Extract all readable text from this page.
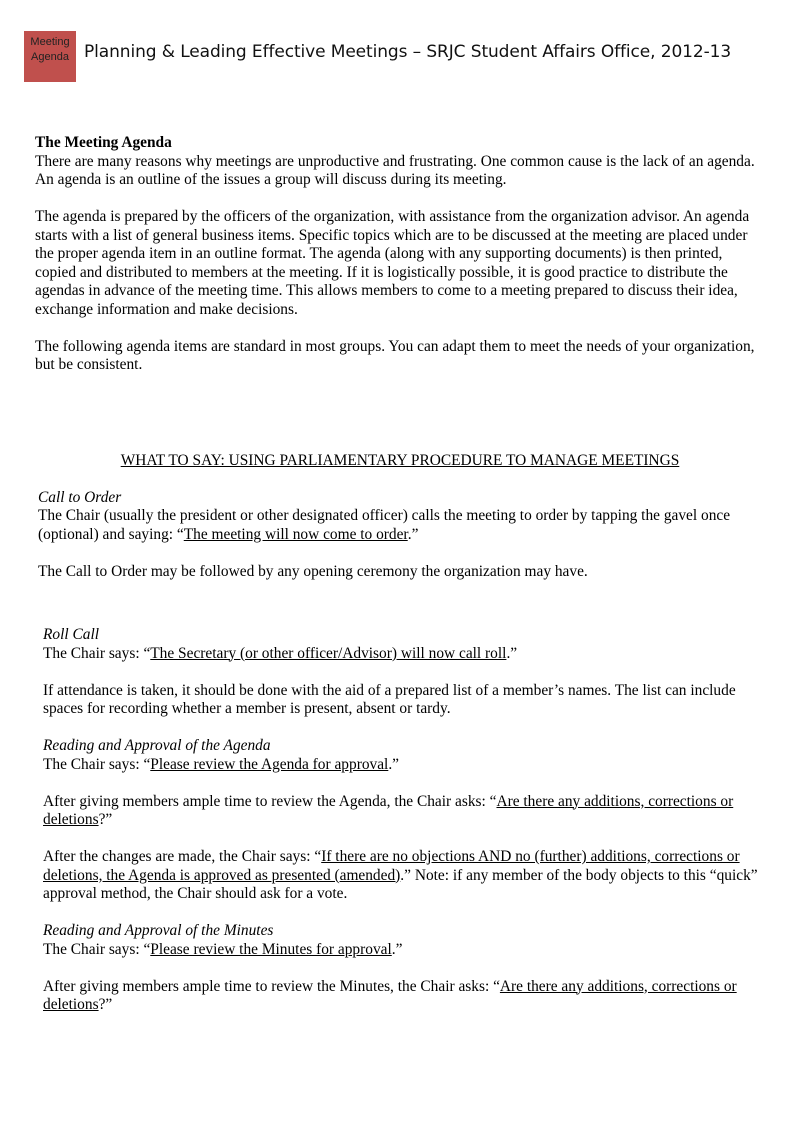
Meeting
Agenda Planning & Leading Effective Meetings – SRJC Student Affairs Office, 2012-13

The Meeting Agenda

There are many reasons why meetings are unproductive and frustrating. One common cause is the lack of an agenda. An agenda is an outline of the issues a group will discuss during its meeting.

The agenda is prepared by the officers of the organization, with assistance from the organization advisor. An agenda starts with a list of general business items. Specific topics which are to be discussed at the meeting are placed under the proper agenda item in an outline format. The agenda (along with any supporting documents) is then printed, copied and distributed to members at the meeting. If it is logistically possible, it is good practice to distribute the agendas in advance of the meeting time. This allows members to come to a meeting prepared to discuss their idea, exchange information and make decisions.

The following agenda items are standard in most groups. You can adapt them to meet the needs of your organization, but be consistent.

WHAT TO SAY: USING PARLIAMENTARY PROCEDURE TO MANAGE MEETINGS

Call to Order

The Chair (usually the president or other designated officer) calls the meeting to order by tapping the gavel once (optional) and saying: “The meeting will now come to order.”

The Call to Order may be followed by any opening ceremony the organization may have.

Roll Call

The Chair says: “The Secretary (or other officer/Advisor) will now call roll.”

If attendance is taken, it should be done with the aid of a prepared list of a member’s names. The list can include spaces for recording whether a member is present, absent or tardy.

Reading and Approval of the Agenda

The Chair says: “Please review the Agenda for approval.”

After giving members ample time to review the Agenda, the Chair asks: “Are there any additions, corrections or deletions?”

After the changes are made, the Chair says: “If there are no objections AND no (further) additions, corrections or deletions, the Agenda is approved as presented (amended).” Note: if any member of the body objects to this “quick” approval method, the Chair should ask for a vote.

Reading and Approval of the Minutes

The Chair says: “Please review the Minutes for approval.”

After giving members ample time to review the Minutes, the Chair asks: “Are there any additions, corrections or deletions?”
